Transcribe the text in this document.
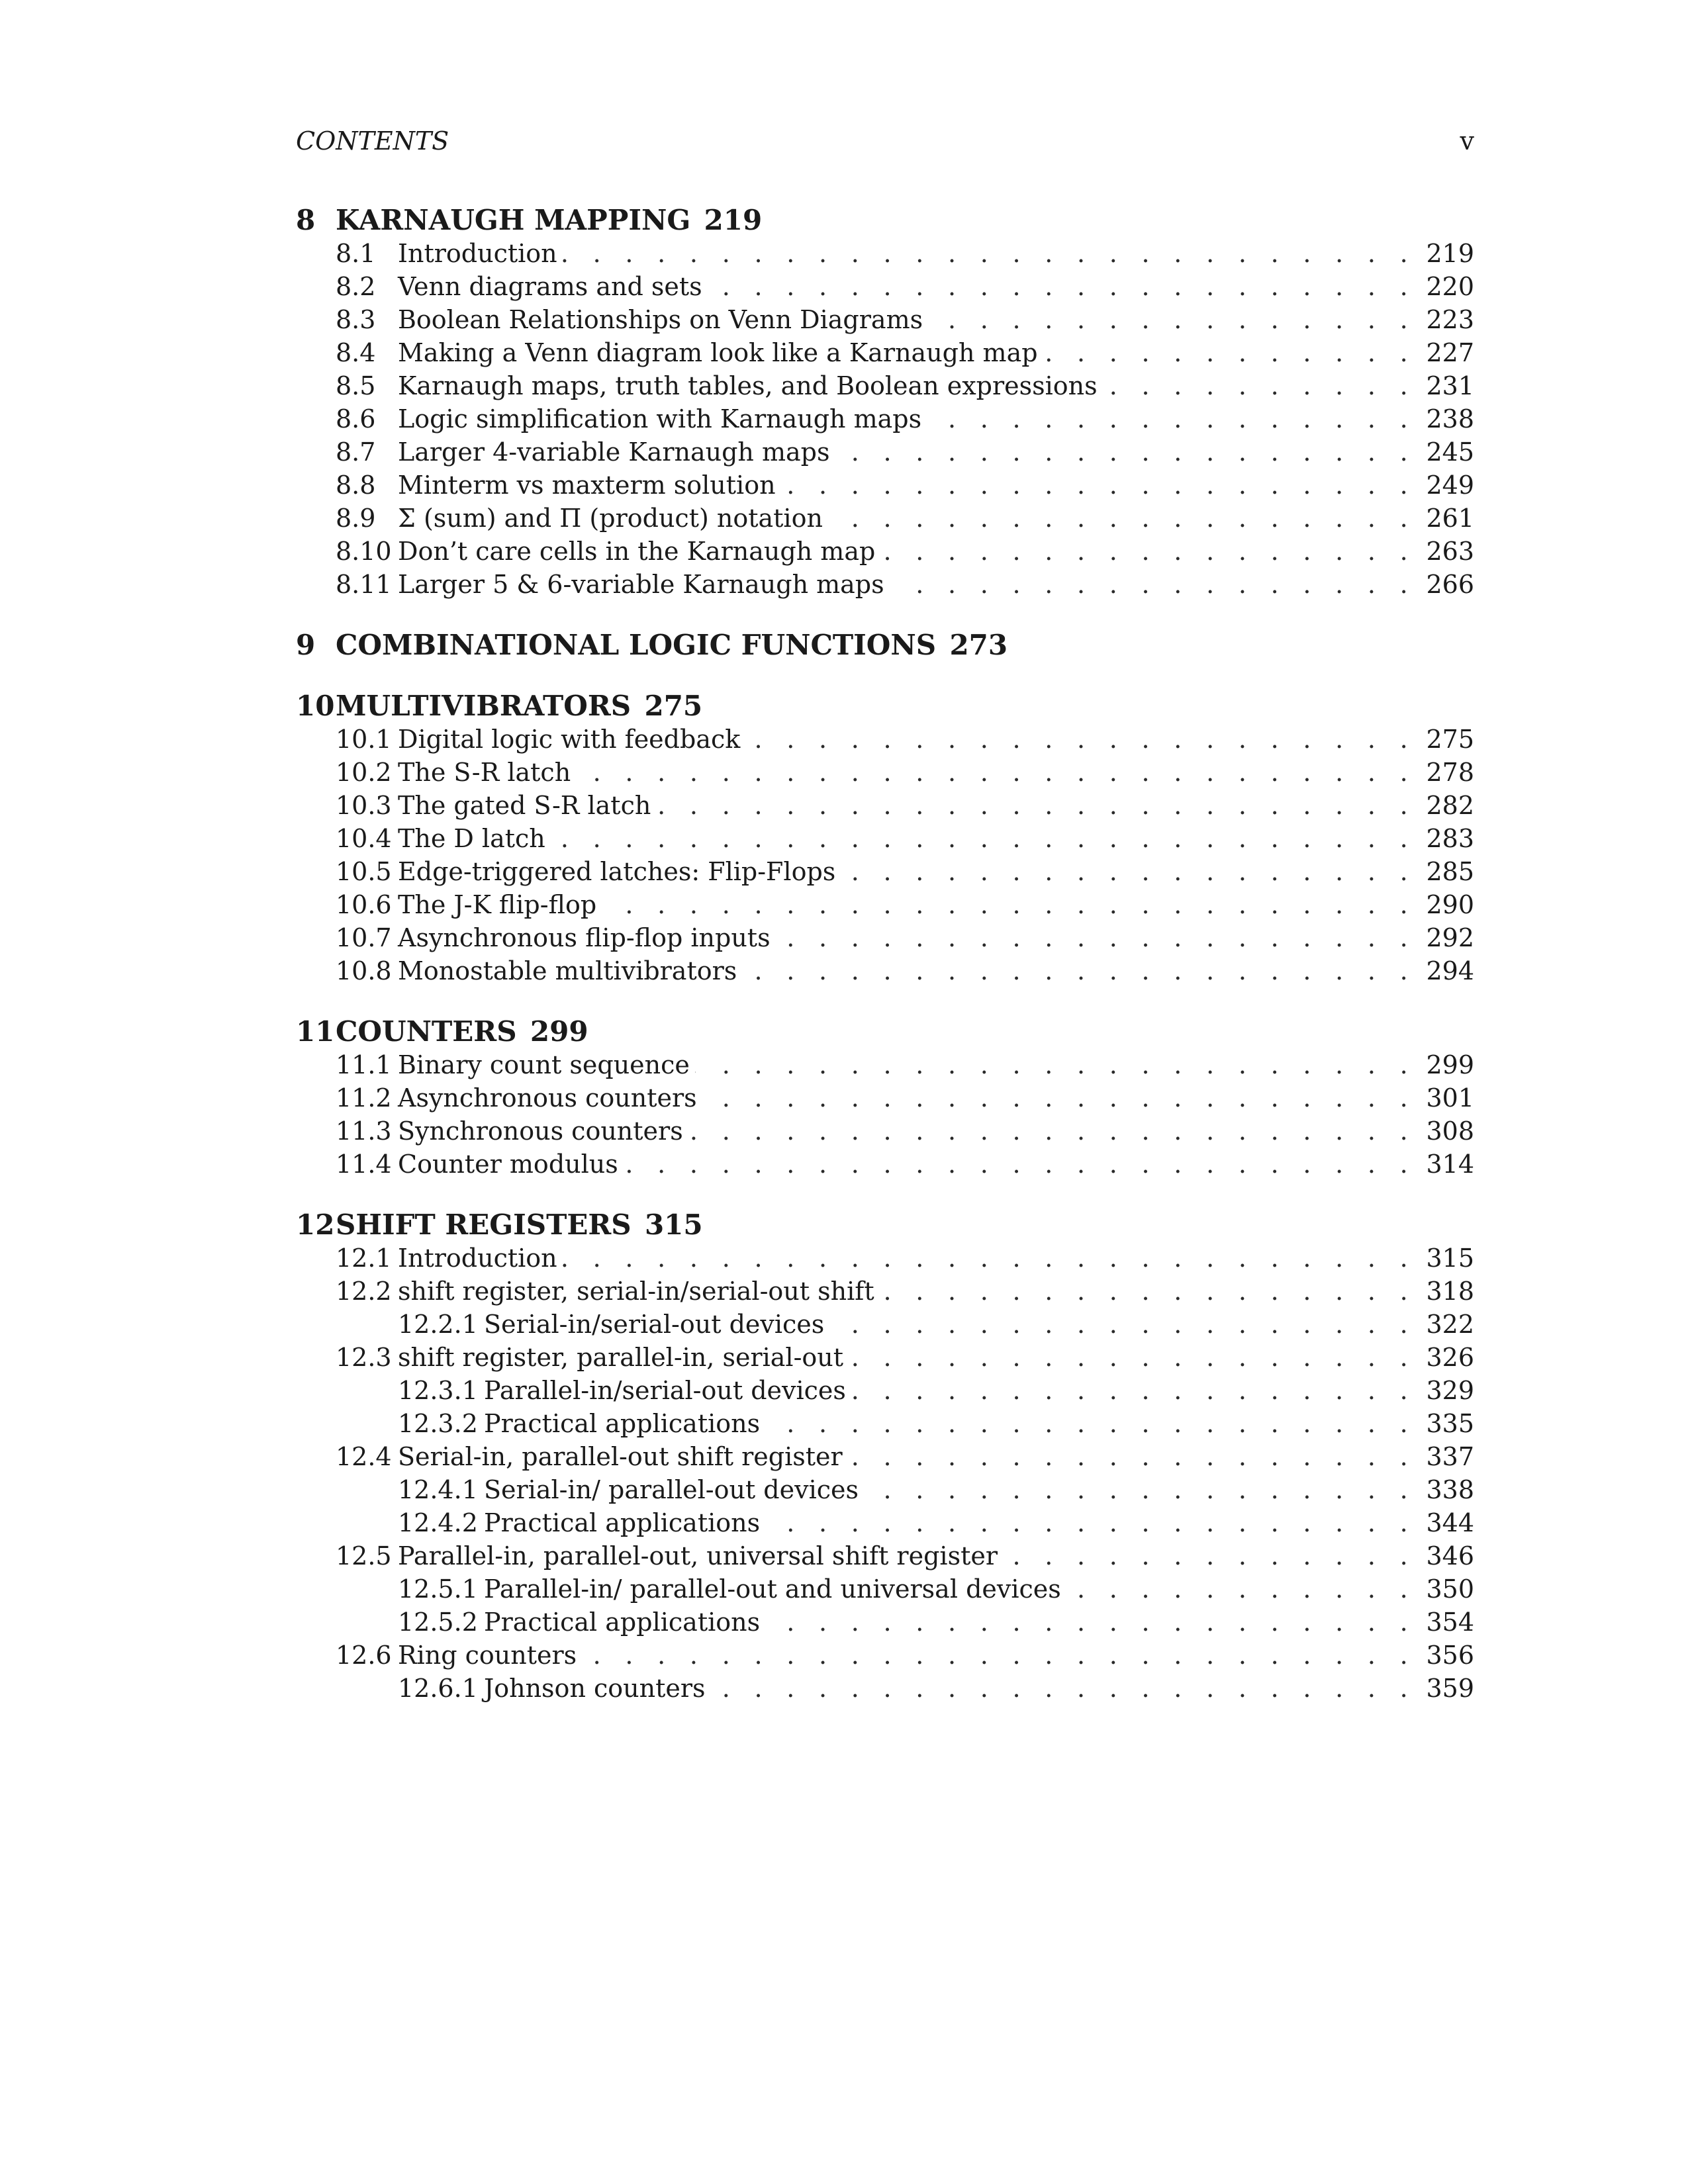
CONTENTS	v
8 KARNAUGH MAPPING 219
8.1 Introduction . . .	219
8.2 Venn diagrams and sets . . .	220
8.3 Boolean Relationships on Venn Diagrams . . .	223
8.4 Making a Venn diagram look like a Karnaugh map . . .	227
8.5 Karnaugh maps, truth tables, and Boolean expressions . . .	231
8.6 Logic simplification with Karnaugh maps . . .	238
8.7 Larger 4-variable Karnaugh maps . . .	245
8.8 Minterm vs maxterm solution . . .	249
8.9 Σ (sum) and Π (product) notation . . .	261
8.10 Don’t care cells in the Karnaugh map . . .	263
8.11 Larger 5 & 6-variable Karnaugh maps . . .	266
9 COMBINATIONAL LOGIC FUNCTIONS 273
10 MULTIVIBRATORS 275
10.1 Digital logic with feedback . . .	275
10.2 The S-R latch . . .	278
10.3 The gated S-R latch . . .	282
10.4 The D latch . . .	283
10.5 Edge-triggered latches: Flip-Flops . . .	285
10.6 The J-K flip-flop . . .	290
10.7 Asynchronous flip-flop inputs . . .	292
10.8 Monostable multivibrators . . .	294
11 COUNTERS 299
11.1 Binary count sequence . . .	299
11.2 Asynchronous counters . . .	301
11.3 Synchronous counters . . .	308
11.4 Counter modulus . . .	314
12 SHIFT REGISTERS 315
12.1 Introduction . . .	315
12.2 shift register, serial-in/serial-out shift . . .	318
12.2.1 Serial-in/serial-out devices . . .	322
12.3 shift register, parallel-in, serial-out . . .	326
12.3.1 Parallel-in/serial-out devices . . .	329
12.3.2 Practical applications . . .	335
12.4 Serial-in, parallel-out shift register . . .	337
12.4.1 Serial-in/ parallel-out devices . . .	338
12.4.2 Practical applications . . .	344
12.5 Parallel-in, parallel-out, universal shift register . . .	346
12.5.1 Parallel-in/ parallel-out and universal devices . . .	350
12.5.2 Practical applications . . .	354
12.6 Ring counters . . .	356
12.6.1 Johnson counters . . .	359
